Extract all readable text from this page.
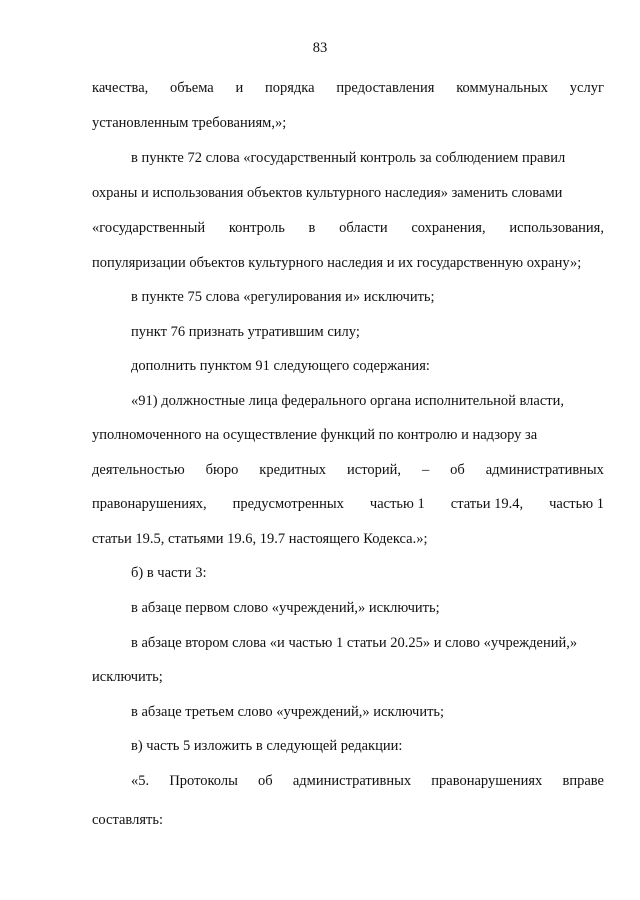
83
качества, объема и порядка предоставления коммунальных услуг
установленным требованиям,»;
в пункте 72 слова «государственный контроль за соблюдением правил
охраны и использования объектов культурного наследия» заменить словами
«государственный контроль в области сохранения, использования,
популяризации объектов культурного наследия и их государственную охрану»;
в пункте 75 слова «регулирования и» исключить;
пункт 76 признать утратившим силу;
дополнить пунктом 91 следующего содержания:
«91) должностные лица федерального органа исполнительной власти,
уполномоченного на осуществление функций по контролю и надзору за
деятельностью бюро кредитных историй, – об административных
правонарушениях, предусмотренных частью 1 статьи 19.4, частью 1
статьи 19.5, статьями 19.6, 19.7 настоящего Кодекса.»;
б) в части 3:
в абзаце первом слово «учреждений,» исключить;
в абзаце втором слова «и частью 1 статьи 20.25» и слово «учреждений,»
исключить;
в абзаце третьем слово «учреждений,» исключить;
в) часть 5 изложить в следующей редакции:
«5. Протоколы об административных правонарушениях вправе
составлять:
